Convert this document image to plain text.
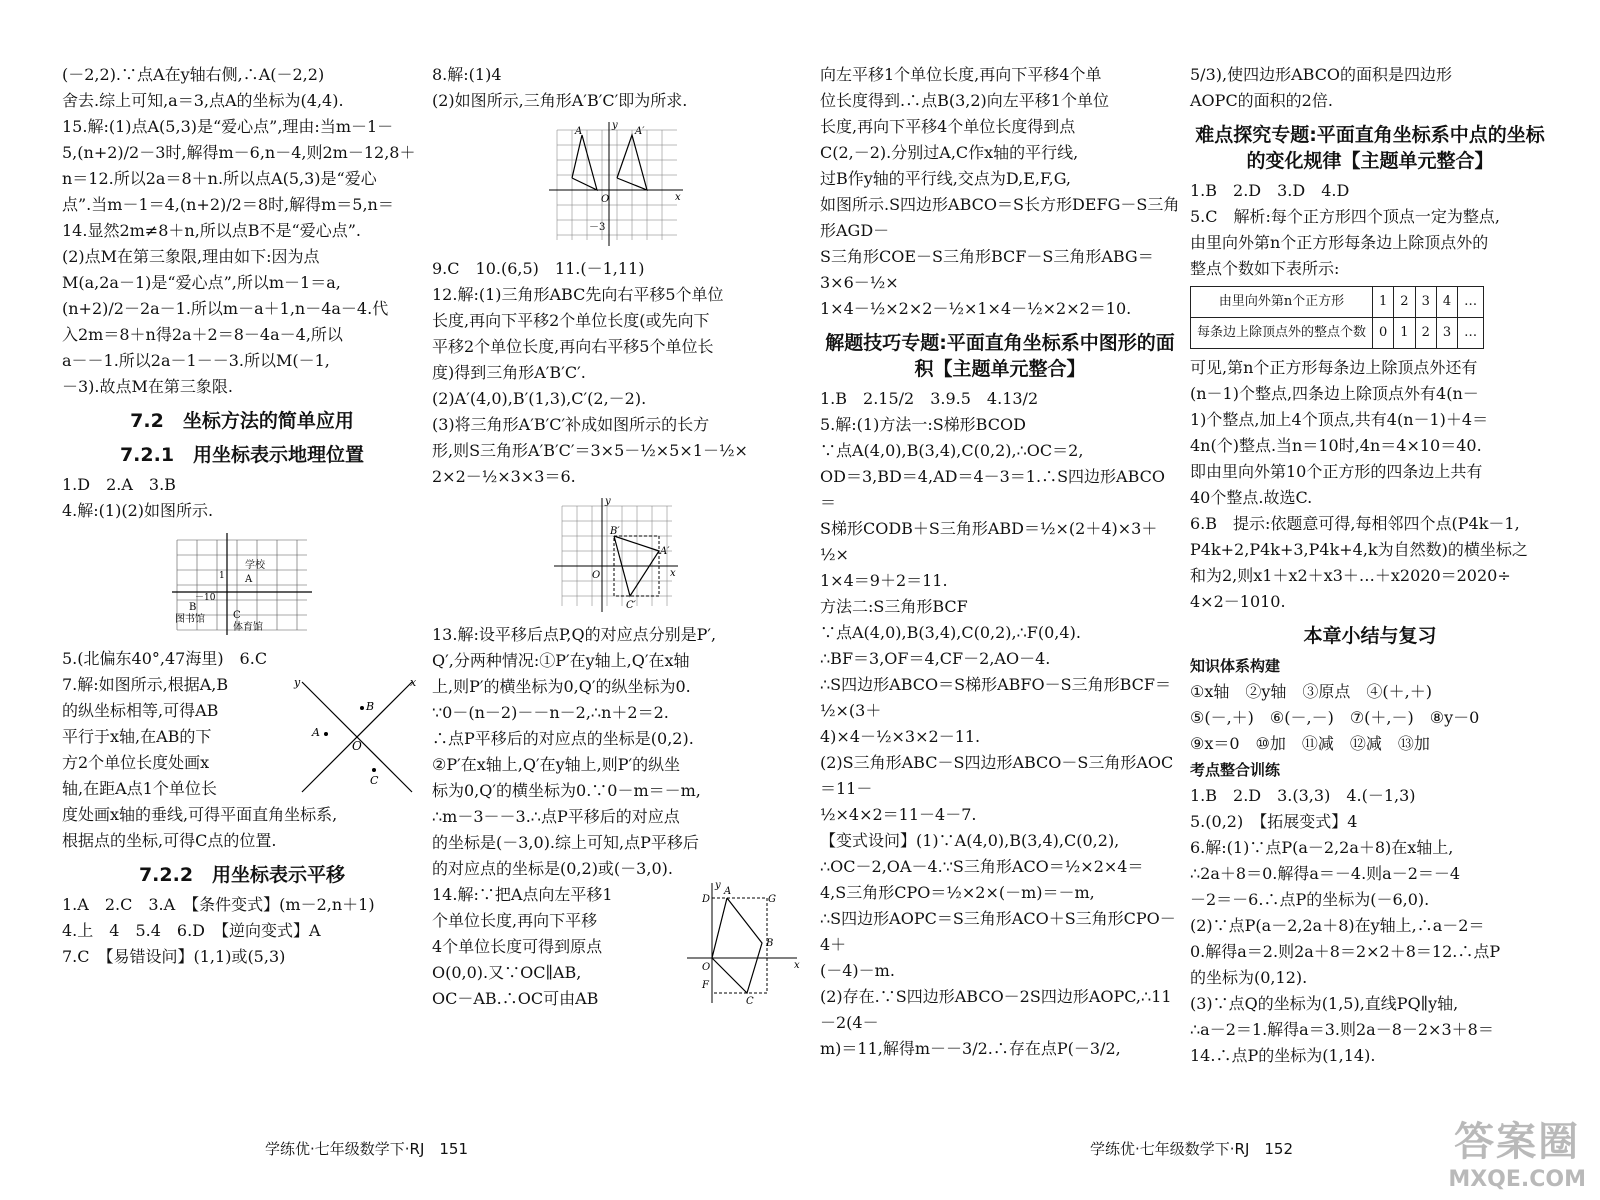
(－2,2).∵点A在y轴右侧,∴A(－2,2)

舍去.综上可知,a＝3,点A的坐标为(4,4).

15.解:(1)点A(5,3)是“爱心点”,理由:当m－1－

5,(n+2)/2－3时,解得m－6,n－4,则2m－12,8＋

n＝12.所以2a＝8＋n.所以点A(5,3)是“爱心

点”.当m－1＝4,(n+2)/2＝8时,解得m＝5,n＝

14.显然2m≠8＋n,所以点B不是“爱心点”.

(2)点M在第三象限,理由如下:因为点

M(a,2a－1)是“爱心点”,所以m－1＝a,

(n+2)/2－2a－1.所以m－a＋1,n－4a－4.代

入2m＝8＋n得2a＋2＝8－4a－4,所以

a－－1.所以2a－1－－3.所以M(－1,

－3).故点M在第三象限.

7.2　坐标方法的简单应用

7.2.1　用坐标表示地理位置

1.D　2.A　3.B

4.解:(1)(2)如图所示.

学校
A
B
图书馆	C
体育馆
－10
1

5.(北偏东40°,47海里)　6.C

7.解:如图所示,根据A,B

的纵坐标相等,可得AB

平行于x轴,在AB的下

方2个单位长度处画x

轴,在距A点1个单位长

y	x
O
B
A
C

度处画x轴的垂线,可得平面直角坐标系,

根据点的坐标,可得C点的位置.

7.2.2　用坐标表示平移

1.A　2.C　3.A　【条件变式】(m－2,n＋1)

4.上　4　5.4　6.D　【逆向变式】A

7.C　【易错设问】(1,1)或(5,3)

8.解:(1)4

(2)如图所示,三角形A′B′C′即为所求.

A	A′
x
y
O
－3

9.C　10.(6,5)　11.(－1,11)

12.解:(1)三角形ABC先向右平移5个单位

长度,再向下平移2个单位长度(或先向下

平移2个单位长度,再向右平移5个单位长

度)得到三角形A′B′C′.

(2)A′(4,0),B′(1,3),C′(2,－2).

(3)将三角形A′B′C′补成如图所示的长方

形,则S三角形A′B′C′＝3×5－½×5×1－½×

2×2－½×3×3＝6.

B′
A′
C′
O	x
y

13.解:设平移后点P,Q的对应点分别是P′,

Q′,分两种情况:①P′在y轴上,Q′在x轴

上,则P′的横坐标为0,Q′的纵坐标为0.

∵0－(n－2)－－n－2,∴n＋2＝2.

∴点P平移后的对应点的坐标是(0,2).

②P′在x轴上,Q′在y轴上,则P′的纵坐

标为0,Q′的横坐标为0.∵0－m＝－m,

∴m－3－－3.∴点P平移后的对应点

的坐标是(－3,0).综上可知,点P平移后

的对应点的坐标是(0,2)或(－3,0).

14.解:∵把A点向左平移1

个单位长度,再向下平移

4个单位长度可得到原点

O(0,0).又∵OC∥AB,

OC－AB.∴OC可由AB

A
B
C
D
F
G
x
y
O

向左平移1个单位长度,再向下平移4个单

位长度得到.∴点B(3,2)向左平移1个单位

长度,再向下平移4个单位长度得到点

C(2,－2).分别过A,C作x轴的平行线,

过B作y轴的平行线,交点为D,E,F,G,

如图所示.S四边形ABCO＝S长方形DEFG－S三角形AGD－

S三角形COE－S三角形BCF－S三角形ABG＝3×6－½×

1×4－½×2×2－½×1×4－½×2×2＝10.

解题技巧专题:平面直角坐标系中图形的面积【主题单元整合】

1.B　2.15/2　3.9.5　4.13/2

5.解:(1)方法一:S梯形BCOD

∵点A(4,0),B(3,4),C(0,2),∴OC＝2,

OD＝3,BD＝4,AD＝4－3＝1.∴S四边形ABCO＝

S梯形CODB＋S三角形ABD＝½×(2＋4)×3＋½×

1×4＝9＋2＝11.

方法二:S三角形BCF

∵点A(4,0),B(3,4),C(0,2),∴F(0,4).

∴BF＝3,OF＝4,CF－2,AO－4.

∴S四边形ABCO＝S梯形ABFO－S三角形BCF＝½×(3＋

4)×4－½×3×2－11.

(2)S三角形ABC－S四边形ABCO－S三角形AOC＝11－

½×4×2＝11－4－7.

【变式设问】(1)∵A(4,0),B(3,4),C(0,2),

∴OC－2,OA－4.∵S三角形ACO＝½×2×4＝

4,S三角形CPO＝½×2×(－m)＝－m,

∴S四边形AOPC＝S三角形ACO＋S三角形CPO－4＋

(－4)－m.

(2)存在.∵S四边形ABCO－2S四边形AOPC,∴11－2(4－

m)＝11,解得m－－3/2.∴存在点P(－3/2,

5/3),使四边形ABCO的面积是四边形

AOPC的面积的2倍.

难点探究专题:平面直角坐标系中点的坐标的变化规律【主题单元整合】

1.B　2.D　3.D　4.D

5.C　解析:每个正方形四个顶点一定为整点,

由里向外第n个正方形每条边上除顶点外的

整点个数如下表所示:

由里向外第n个正方形	1	2	3	4	…
每条边上除顶点外的整点个数	0	1	2	3	…

可见,第n个正方形每条边上除顶点外还有

(n－1)个整点,四条边上除顶点外有4(n－

1)个整点,加上4个顶点,共有4(n－1)＋4＝

4n(个)整点.当n＝10时,4n＝4×10＝40.

即由里向外第10个正方形的四条边上共有

40个整点.故选C.

6.B　提示:依题意可得,每相邻四个点(P4k－1,

P4k+2,P4k+3,P4k+4,k为自然数)的横坐标之

和为2,则x1＋x2＋x3＋…＋x2020＝2020÷

4×2－1010.

本章小结与复习

知识体系构建

①x轴　②y轴　③原点　④(＋,＋)

⑤(－,＋)　⑥(－,－)　⑦(＋,－)　⑧y－0

⑨x＝0　⑩加　⑪减　⑫减　⑬加

考点整合训练

1.B　2.D　3.(3,3)　4.(－1,3)

5.(0,2)　【拓展变式】4

6.解:(1)∵点P(a－2,2a＋8)在x轴上,

∴2a＋8＝0.解得a＝－4.则a－2＝－4

－2＝－6.∴点P的坐标为(－6,0).

(2)∵点P(a－2,2a＋8)在y轴上,∴a－2＝

0.解得a＝2.则2a＋8＝2×2＋8＝12.∴点P

的坐标为(0,12).

(3)∵点Q的坐标为(1,5),直线PQ∥y轴,

∴a－2＝1.解得a＝3.则2a－8－2×3＋8＝

14.∴点P的坐标为(1,14).

学练优·七年级数学下·RJ　151	学练优·七年级数学下·RJ　152	答案圈
MXQE.COM
